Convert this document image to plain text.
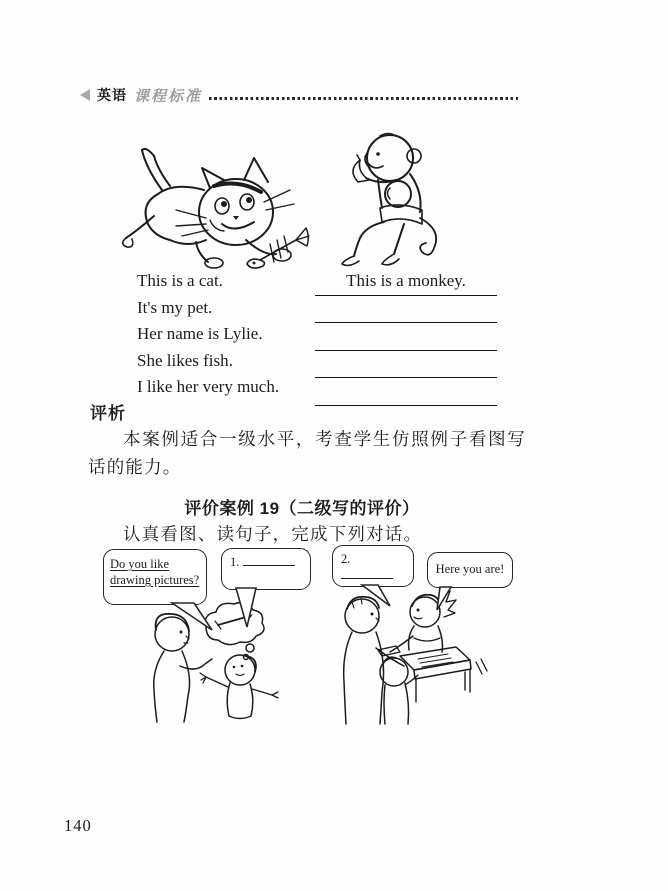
英语 课程标准
This is a cat.
It's my pet.
Her name is Lylie.
She likes fish.
I like her very much.
This is a monkey.
评析
本案例适合一级水平，考查学生仿照例子看图写话的能力。
评价案例 19（二级写的评价）
认真看图、读句子，完成下列对话。
Do you like drawing pictures?
1.	2.
Here you are!
140
